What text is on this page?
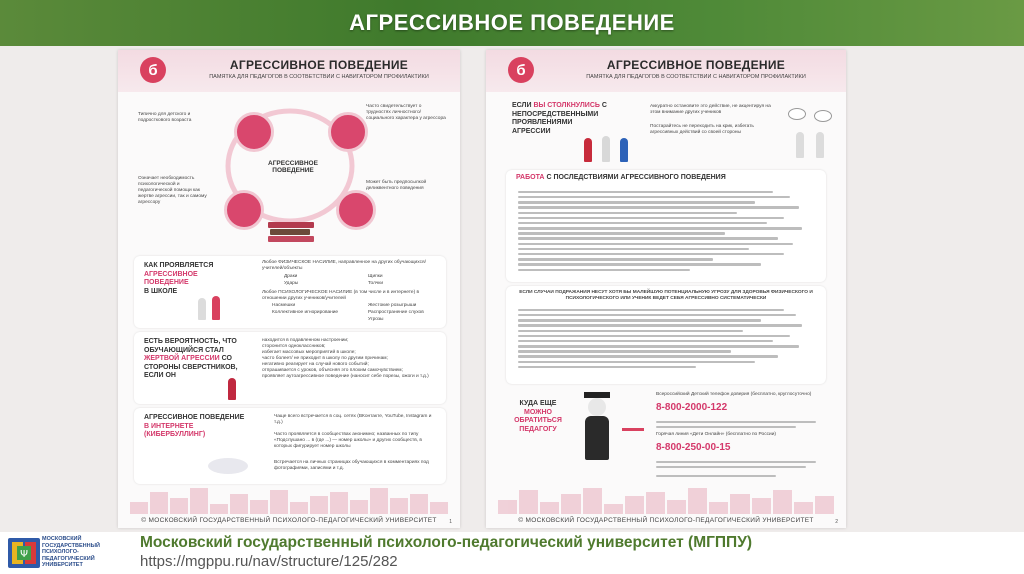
АГРЕССИВНОЕ ПОВЕДЕНИЕ
б	АГРЕССИВНОЕ ПОВЕДЕНИЕ

ПАМЯТКА ДЛЯ ПЕДАГОГОВ В СООТВЕТСТВИИ С НАВИГАТОРОМ ПРОФИЛАКТИКИ

Типично для детского и подросткового возраста
Часто свидетельствует о трудностях личностного/социального характера у агрессора
Означает необходимость психологической и педагогической помощи как жертве агрессии, так и самому агрессору
Может быть предпосылкой деликвентного поведения
АГРЕССИВНОЕ ПОВЕДЕНИЕ
КАК ПРОЯВЛЯЕТСЯ
АГРЕССИВНОЕ ПОВЕДЕНИЕ
В ШКОЛЕ
Любое ФИЗИЧЕСКОЕ НАСИЛИЕ, направленное на других обучающихся/учителей/объекты
Драки
Удары
Щипки
Толчки
Любое ПСИХОЛОГИЧЕСКОЕ НАСИЛИЕ (в том числе и в интернете) в отношении других учеников/учителей
Насмешки
Коллективное игнорирование
Жестокие розыгрыши
Распространение слухов
Угрозы
ЕСТЬ ВЕРОЯТНОСТЬ, ЧТО ОБУЧАЮЩИЙСЯ СТАЛ ЖЕРТВОЙ АГРЕССИИ СО СТОРОНЫ СВЕРСТНИКОВ, ЕСЛИ ОН
находится в подавленном настроении;
сторонится одноклассников;
избегает массовых мероприятий в школе;
часто болеет/ не приходит в школу по другим причинам;
негативно реагирует на случай нового событий;
отпрашивается с уроков, объясняя это плохим самочувствием;
проявляет аутоагрессивное поведение (наносит себе порезы, ожоги и т.д.)
АГРЕССИВНОЕ ПОВЕДЕНИЕ
В ИНТЕРНЕТЕ
(КИБЕРБУЛЛИНГ)
Чаще всего встречается в соц. сетях (ВКонтакте, YouTube, Instagram и т.д.)
Часто проявляется в сообществах анонимно; названных по типу «Подслушано ... в (где ...) — номер школы» и других сообществ, в которых фигурирует номер школы
Встречается на личных страницах обучающихся в комментариях под фотографиями, записями и т.д.
© МОСКОВСКИЙ ГОСУДАРСТВЕННЫЙ ПСИХОЛОГО-ПЕДАГОГИЧЕСКИЙ УНИВЕРСИТЕТ	1
б	АГРЕССИВНОЕ ПОВЕДЕНИЕ

ПАМЯТКА ДЛЯ ПЕДАГОГОВ В СООТВЕТСТВИИ С НАВИГАТОРОМ ПРОФИЛАКТИКИ

ЕСЛИ ВЫ СТОЛКНУЛИСЬ С НЕПОСРЕДСТВЕННЫМИ ПРОЯВЛЕНИЯМИ АГРЕССИИ
Аккуратно остановите это действие, не акцентируя на этом внимание других учеников
Постарайтесь не переходить на крик, избегать агрессивных действий со своей стороны
РАБОТА С ПОСЛЕДСТВИЯМИ АГРЕССИВНОГО ПОВЕДЕНИЯ
ЕСЛИ СЛУЧАИ ПОДРАЖАНИЯ НЕСУТ ХОТЯ БЫ МАЛЕЙШУЮ ПОТЕНЦИАЛЬНУЮ УГРОЗУ ДЛЯ ЗДОРОВЬЯ ФИЗИЧЕСКОГО И ПСИХОЛОГИЧЕСКОГО ИЛИ УЧЕНИК ВЕДЕТ СЕБЯ АГРЕССИВНО СИСТЕМАТИЧЕСКИ
КУДА ЕЩЕ
МОЖНО
ОБРАТИТЬСЯ
ПЕДАГОГУ
Всероссийский Детский телефон доверия (бесплатно, круглосуточно)
8-800-2000-122
Горячая линия «Дети Онлайн» (бесплатно по России)
8-800-250-00-15
© МОСКОВСКИЙ ГОСУДАРСТВЕННЫЙ ПСИХОЛОГО-ПЕДАГОГИЧЕСКИЙ УНИВЕРСИТЕТ	2
Ψ
МОСКОВСКИЙ ГОСУДАРСТВЕННЫЙ ПСИХОЛОГО-ПЕДАГОГИЧЕСКИЙ УНИВЕРСИТЕТ
Московский государственный психолого-педагогический университет (МГППУ)
https://mgppu.ru/nav/structure/125/282
